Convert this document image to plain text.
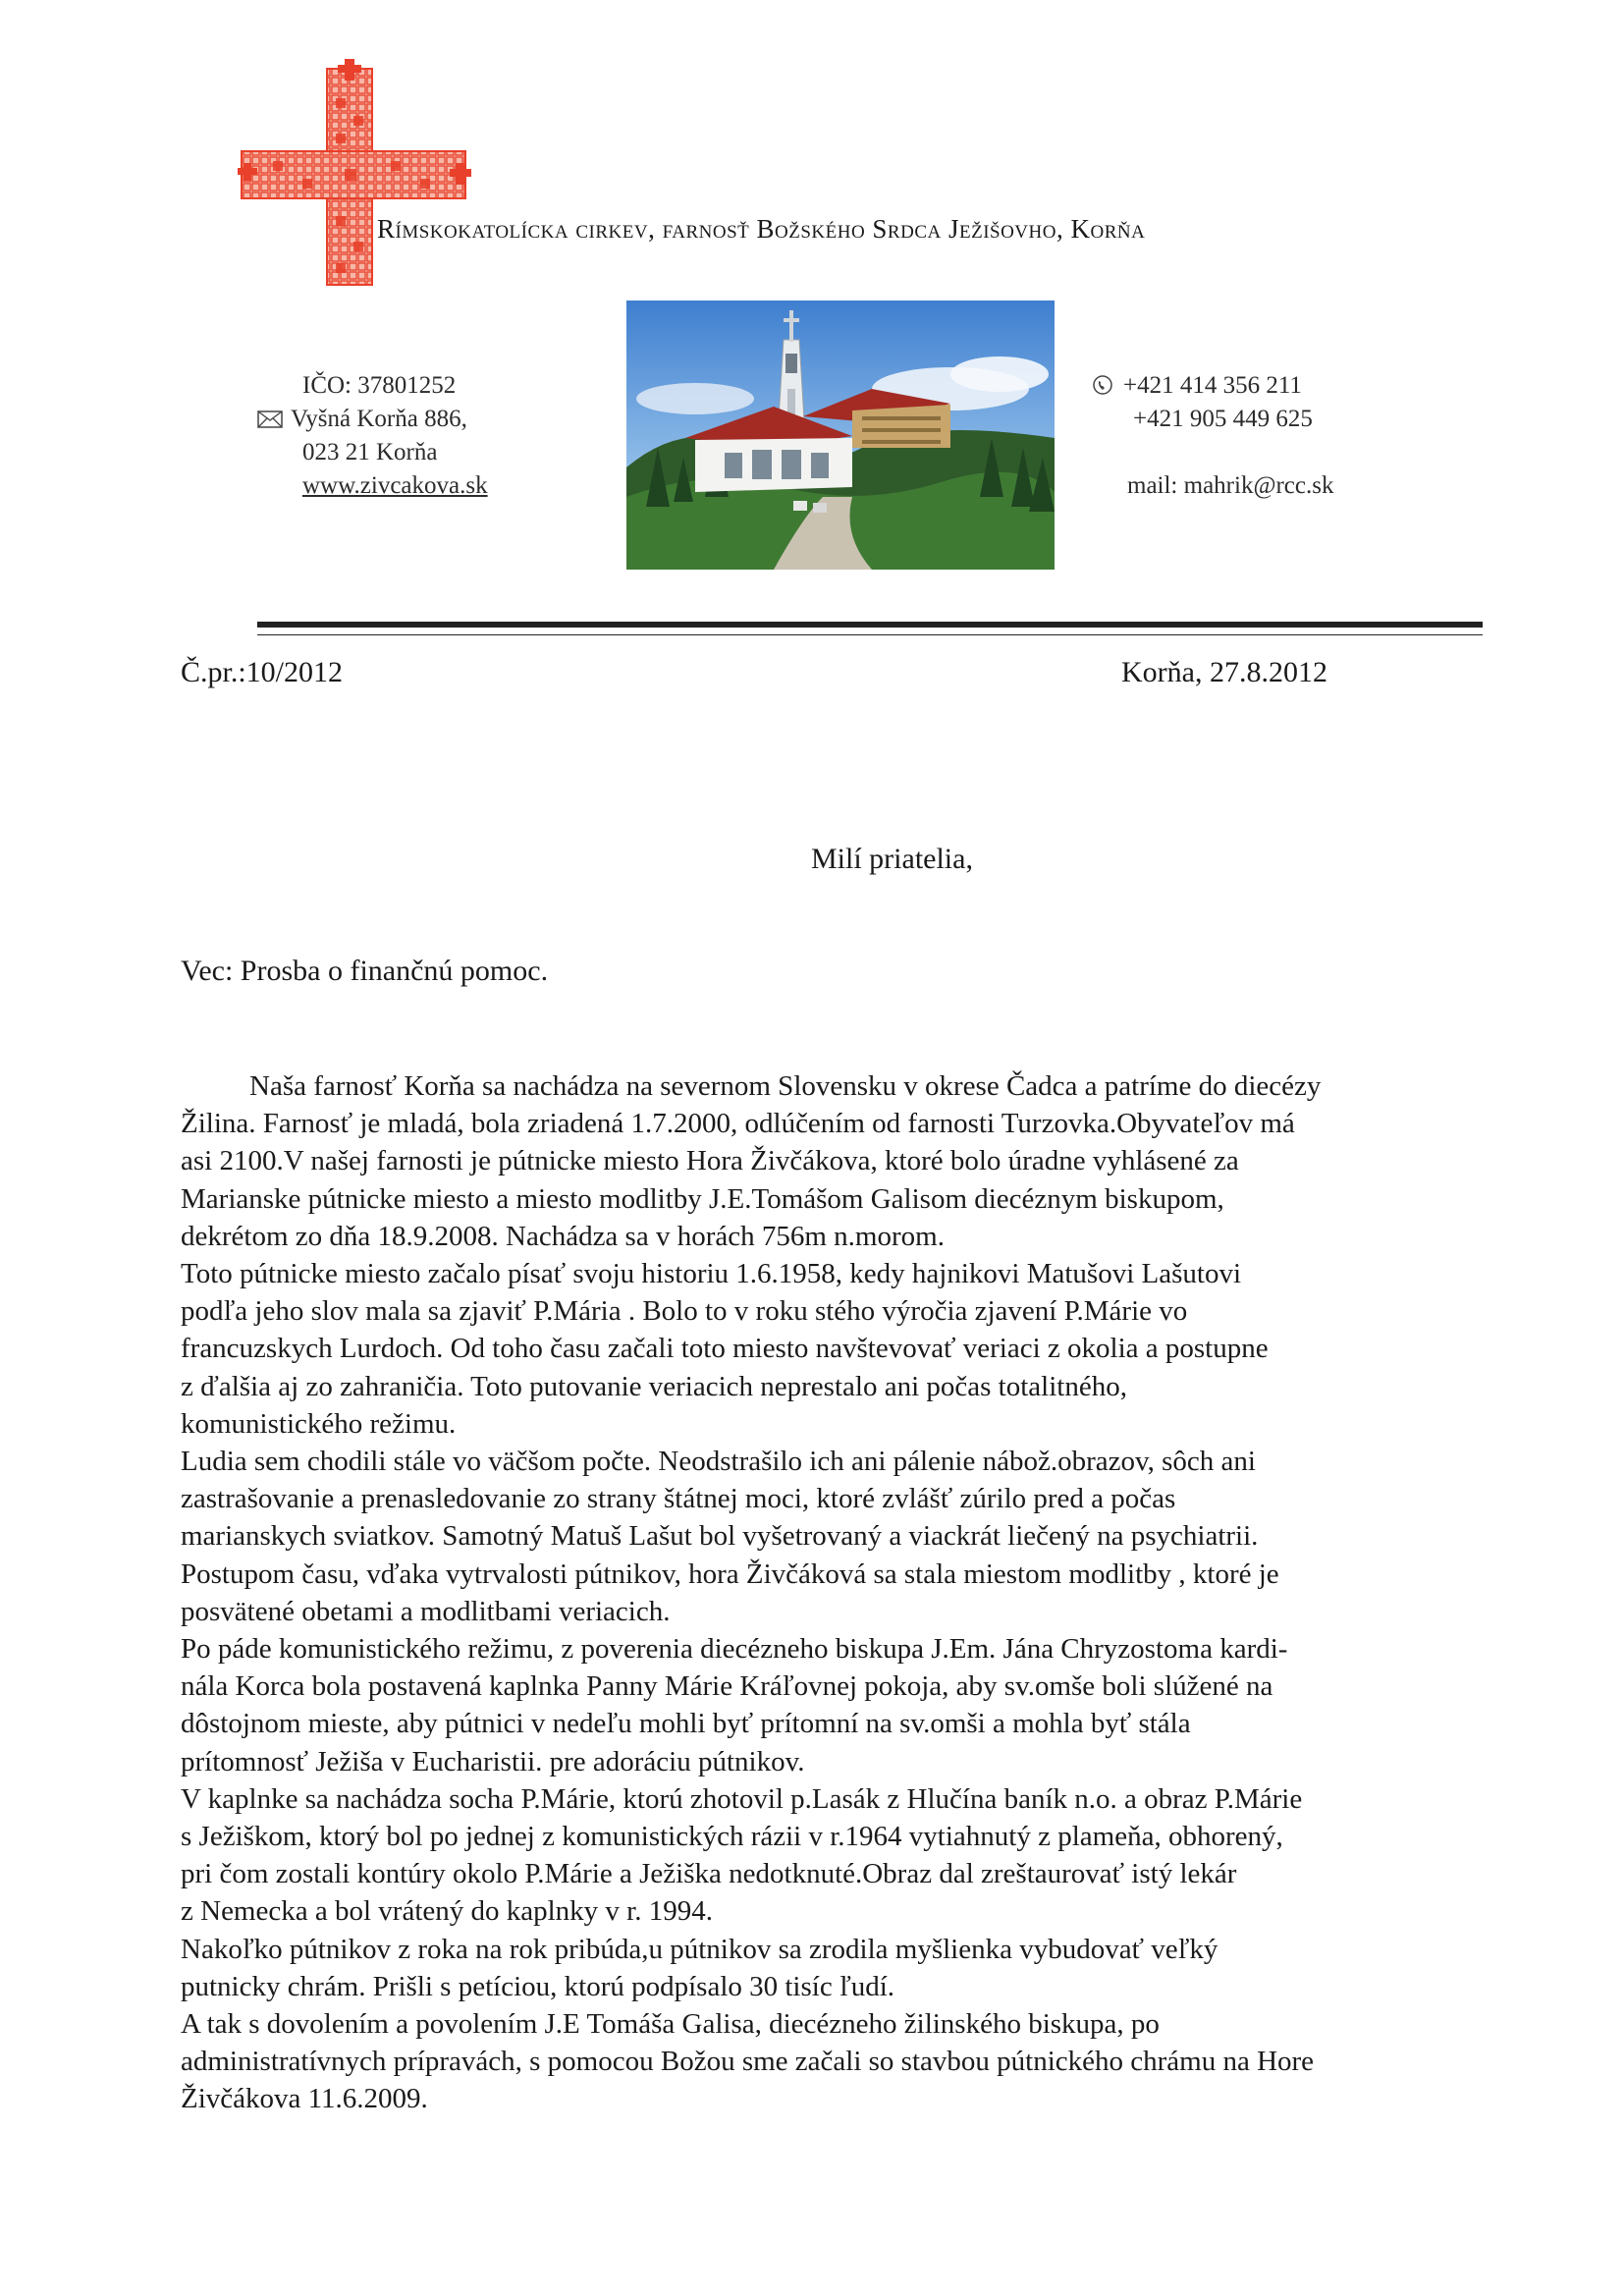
Rímskokatolícka cirkev, farnosť Božského Srdca Ježišovho, Korňa
IČO: 37801252
Vyšná Korňa 886,
023 21 Korňa
www.zivcakova.sk
+421 414 356 211
+421 905 449 625
mail: mahrik@rcc.sk
Č.pr.:10/2012	Korňa, 27.8.2012
Milí priatelia,
Vec: Prosba o finančnú pomoc.
Naša farnosť Korňa sa nachádza na severnom Slovensku v okrese Čadca a patríme do diecézy
Žilina. Farnosť je mladá, bola zriadená 1.7.2000, odlúčením od farnosti Turzovka.Obyvateľov má
asi 2100.V našej farnosti je pútnicke miesto Hora Živčákova, ktoré bolo úradne vyhlásené za
Marianske pútnicke miesto a miesto modlitby J.E.Tomášom Galisom diecéznym biskupom,
dekrétom zo dňa 18.9.2008. Nachádza sa v horách 756m n.morom.
Toto pútnicke miesto začalo písať svoju historiu 1.6.1958, kedy hajnikovi Matušovi Lašutovi
podľa jeho slov mala sa zjaviť P.Mária . Bolo to v roku stého výročia zjavení P.Márie vo
francuzskych Lurdoch. Od toho času začali toto miesto navštevovať veriaci z okolia a postupne
z ďalšia aj zo zahraničia. Toto putovanie veriacich neprestalo ani počas totalitného,
komunistického režimu.
Ludia sem chodili stále vo väčšom počte. Neodstrašilo ich ani pálenie nábož.obrazov, sôch ani
zastrašovanie a prenasledovanie zo strany štátnej moci, ktoré zvlášť zúrilo pred a počas
marianskych sviatkov. Samotný Matuš Lašut bol vyšetrovaný a viackrát liečený na psychiatrii.
Postupom času, vďaka vytrvalosti pútnikov, hora Živčáková sa stala miestom modlitby , ktoré je
posvätené obetami a modlitbami veriacich.
Po páde komunistického režimu, z poverenia diecézneho biskupa J.Em. Jána Chryzostoma kardi-
nála Korca bola postavená kaplnka Panny Márie Kráľovnej pokoja, aby sv.omše boli slúžené na
dôstojnom mieste, aby pútnici v nedeľu mohli byť prítomní na sv.omši a mohla byť stála
prítomnosť Ježiša v Eucharistii. pre adoráciu pútnikov.
V kaplnke sa nachádza socha P.Márie, ktorú zhotovil p.Lasák z Hlučína baník n.o. a obraz P.Márie
s Ježiškom, ktorý bol po jednej z komunistických rázii v r.1964 vytiahnutý z plameňa, obhorený,
pri čom zostali kontúry okolo P.Márie a Ježiška nedotknuté.Obraz dal zreštaurovať istý lekár
z Nemecka a bol vrátený do kaplnky v r. 1994.
Nakoľko pútnikov z roka na rok pribúda,u pútnikov sa zrodila myšlienka vybudovať veľký
putnicky chrám. Prišli s petíciou, ktorú podpísalo 30 tisíc ľudí.
A tak s dovolením a povolením J.E Tomáša Galisa, diecézneho žilinského biskupa, po
administratívnych prípravách, s pomocou Božou sme začali so stavbou pútnického chrámu na Hore
Živčákova 11.6.2009.
